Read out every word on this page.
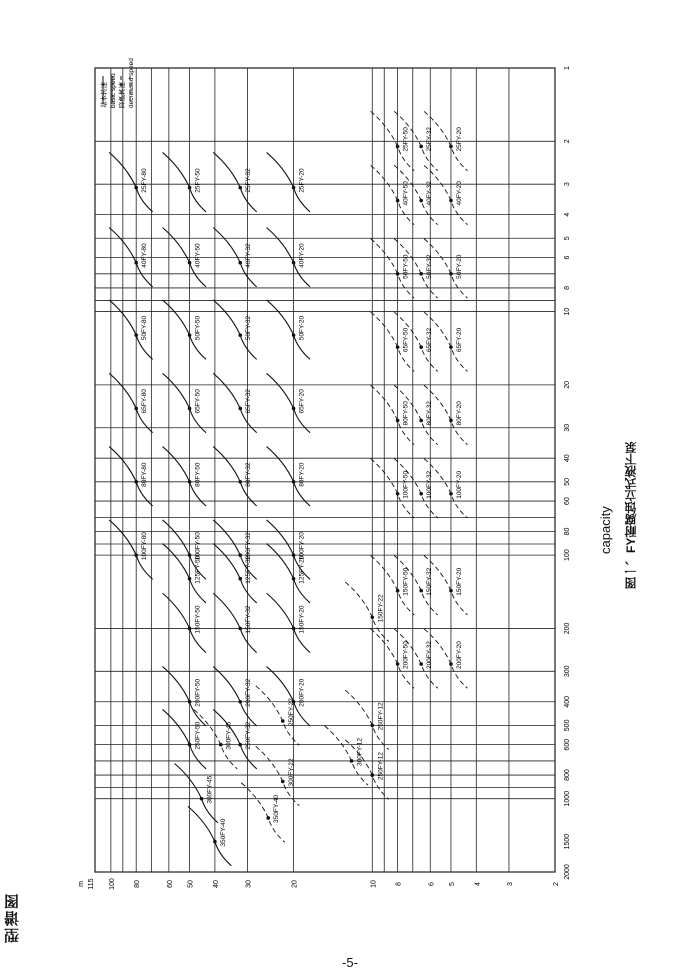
25FY-80
40FY-80
50FY-80
65FY-80
80FY-80
100FY-80
25FY-50
40FY-50
50FY-50
65FY-50
80FY-50
100FY-50
125FY-50
150FY-50
200FY-50
250FY-50
25FY-32
40FY-32
50FY-32
65FY-32
80FY-32
100FY-32
125FY-32
150FY-32
200FY-32
250FY-32
25FY-20
40FY-20
50FY-20
65FY-20
80FY-20
100FY-20
125FY-20
150FY-20
200FY-20
300FY-45
350FY-40
25FY-50
40FY-50
50FY-50
65FY-50
80FY-50
100FY-50
150FY-50
200FY-50
25FY-32
40FY-32
50FY-32
65FY-32
80FY-32
100FY-32
150FY-32
200FY-32
25FY-20
40FY-20
50FY-20
65FY-20
80FY-20
100FY-20
150FY-20
200FY-20
150FY-22
250FY-12
250FY-12
300FY-12
300FY-22
250FY-22
300FY-45
350FY-40
1
2
3
4
5
6
8
10
20
30
40
50
60
80
100
200
300
400
500
600
800
1000
1500
2000
2
3
4
5
6
8
10
20
30
40
50
60
80
100
115
m
基本转速 basic speed 降低转速 decreased speed
型谱图
capacity 图一、FY耐腐蚀立式液下泵
-5-
